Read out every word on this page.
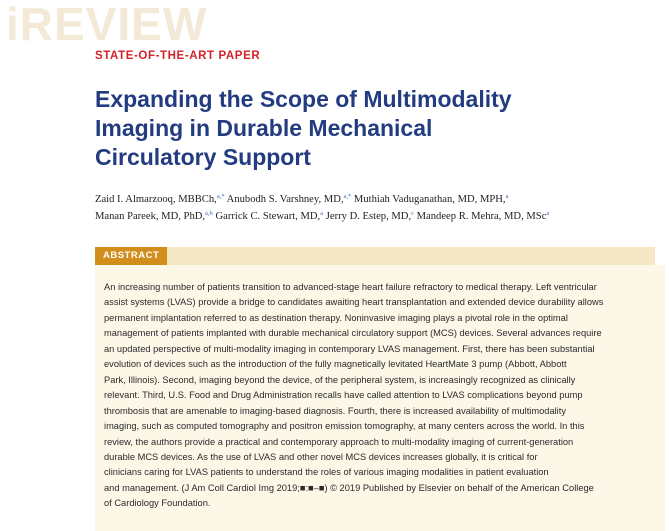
iREVIEW
STATE-OF-THE-ART PAPER
Expanding the Scope of Multimodality
Imaging in Durable Mechanical
Circulatory Support
Zaid I. Almarzooq, MBBCh,$^{a,*}$ Anubodh S. Varshney, MD,$^{a,*}$ Muthiah Vaduganathan, MD, MPH,$^a$
Manan Pareek, MD, PhD,$^{a,b}$ Garrick C. Stewart, MD,$^a$ Jerry D. Estep, MD,$^c$ Mandeep R. Mehra, MD, MSc$^a$
ABSTRACT

An increasing number of patients transition to advanced-stage heart failure refractory to medical therapy. Left ventricular
assist systems (LVAS) provide a bridge to candidates awaiting heart transplantation and extended device durability allows
permanent implantation referred to as destination therapy. Noninvasive imaging plays a pivotal role in the optimal
management of patients implanted with durable mechanical circulatory support (MCS) devices. Several advances require
an updated perspective of multi-modality imaging in contemporary LVAS management. First, there has been substantial
evolution of devices such as the introduction of the fully magnetically levitated HeartMate 3 pump (Abbott, Abbott
Park, Illinois). Second, imaging beyond the device, of the peripheral system, is increasingly recognized as clinically
relevant. Third, U.S. Food and Drug Administration recalls have called attention to LVAS complications beyond pump
thrombosis that are amenable to imaging-based diagnosis. Fourth, there is increased availability of multimodality
imaging, such as computed tomography and positron emission tomography, at many centers across the world. In this
review, the authors provide a practical and contemporary approach to multi-modality imaging of current-generation
durable MCS devices. As the use of LVAS and other novel MCS devices increases globally, it is critical for
clinicians caring for LVAS patients to understand the roles of various imaging modalities in patient evaluation
and management. (J Am Coll Cardiol Img 2019;■:■–■) © 2019 Published by Elsevier on behalf of the American College
of Cardiology Foundation.
